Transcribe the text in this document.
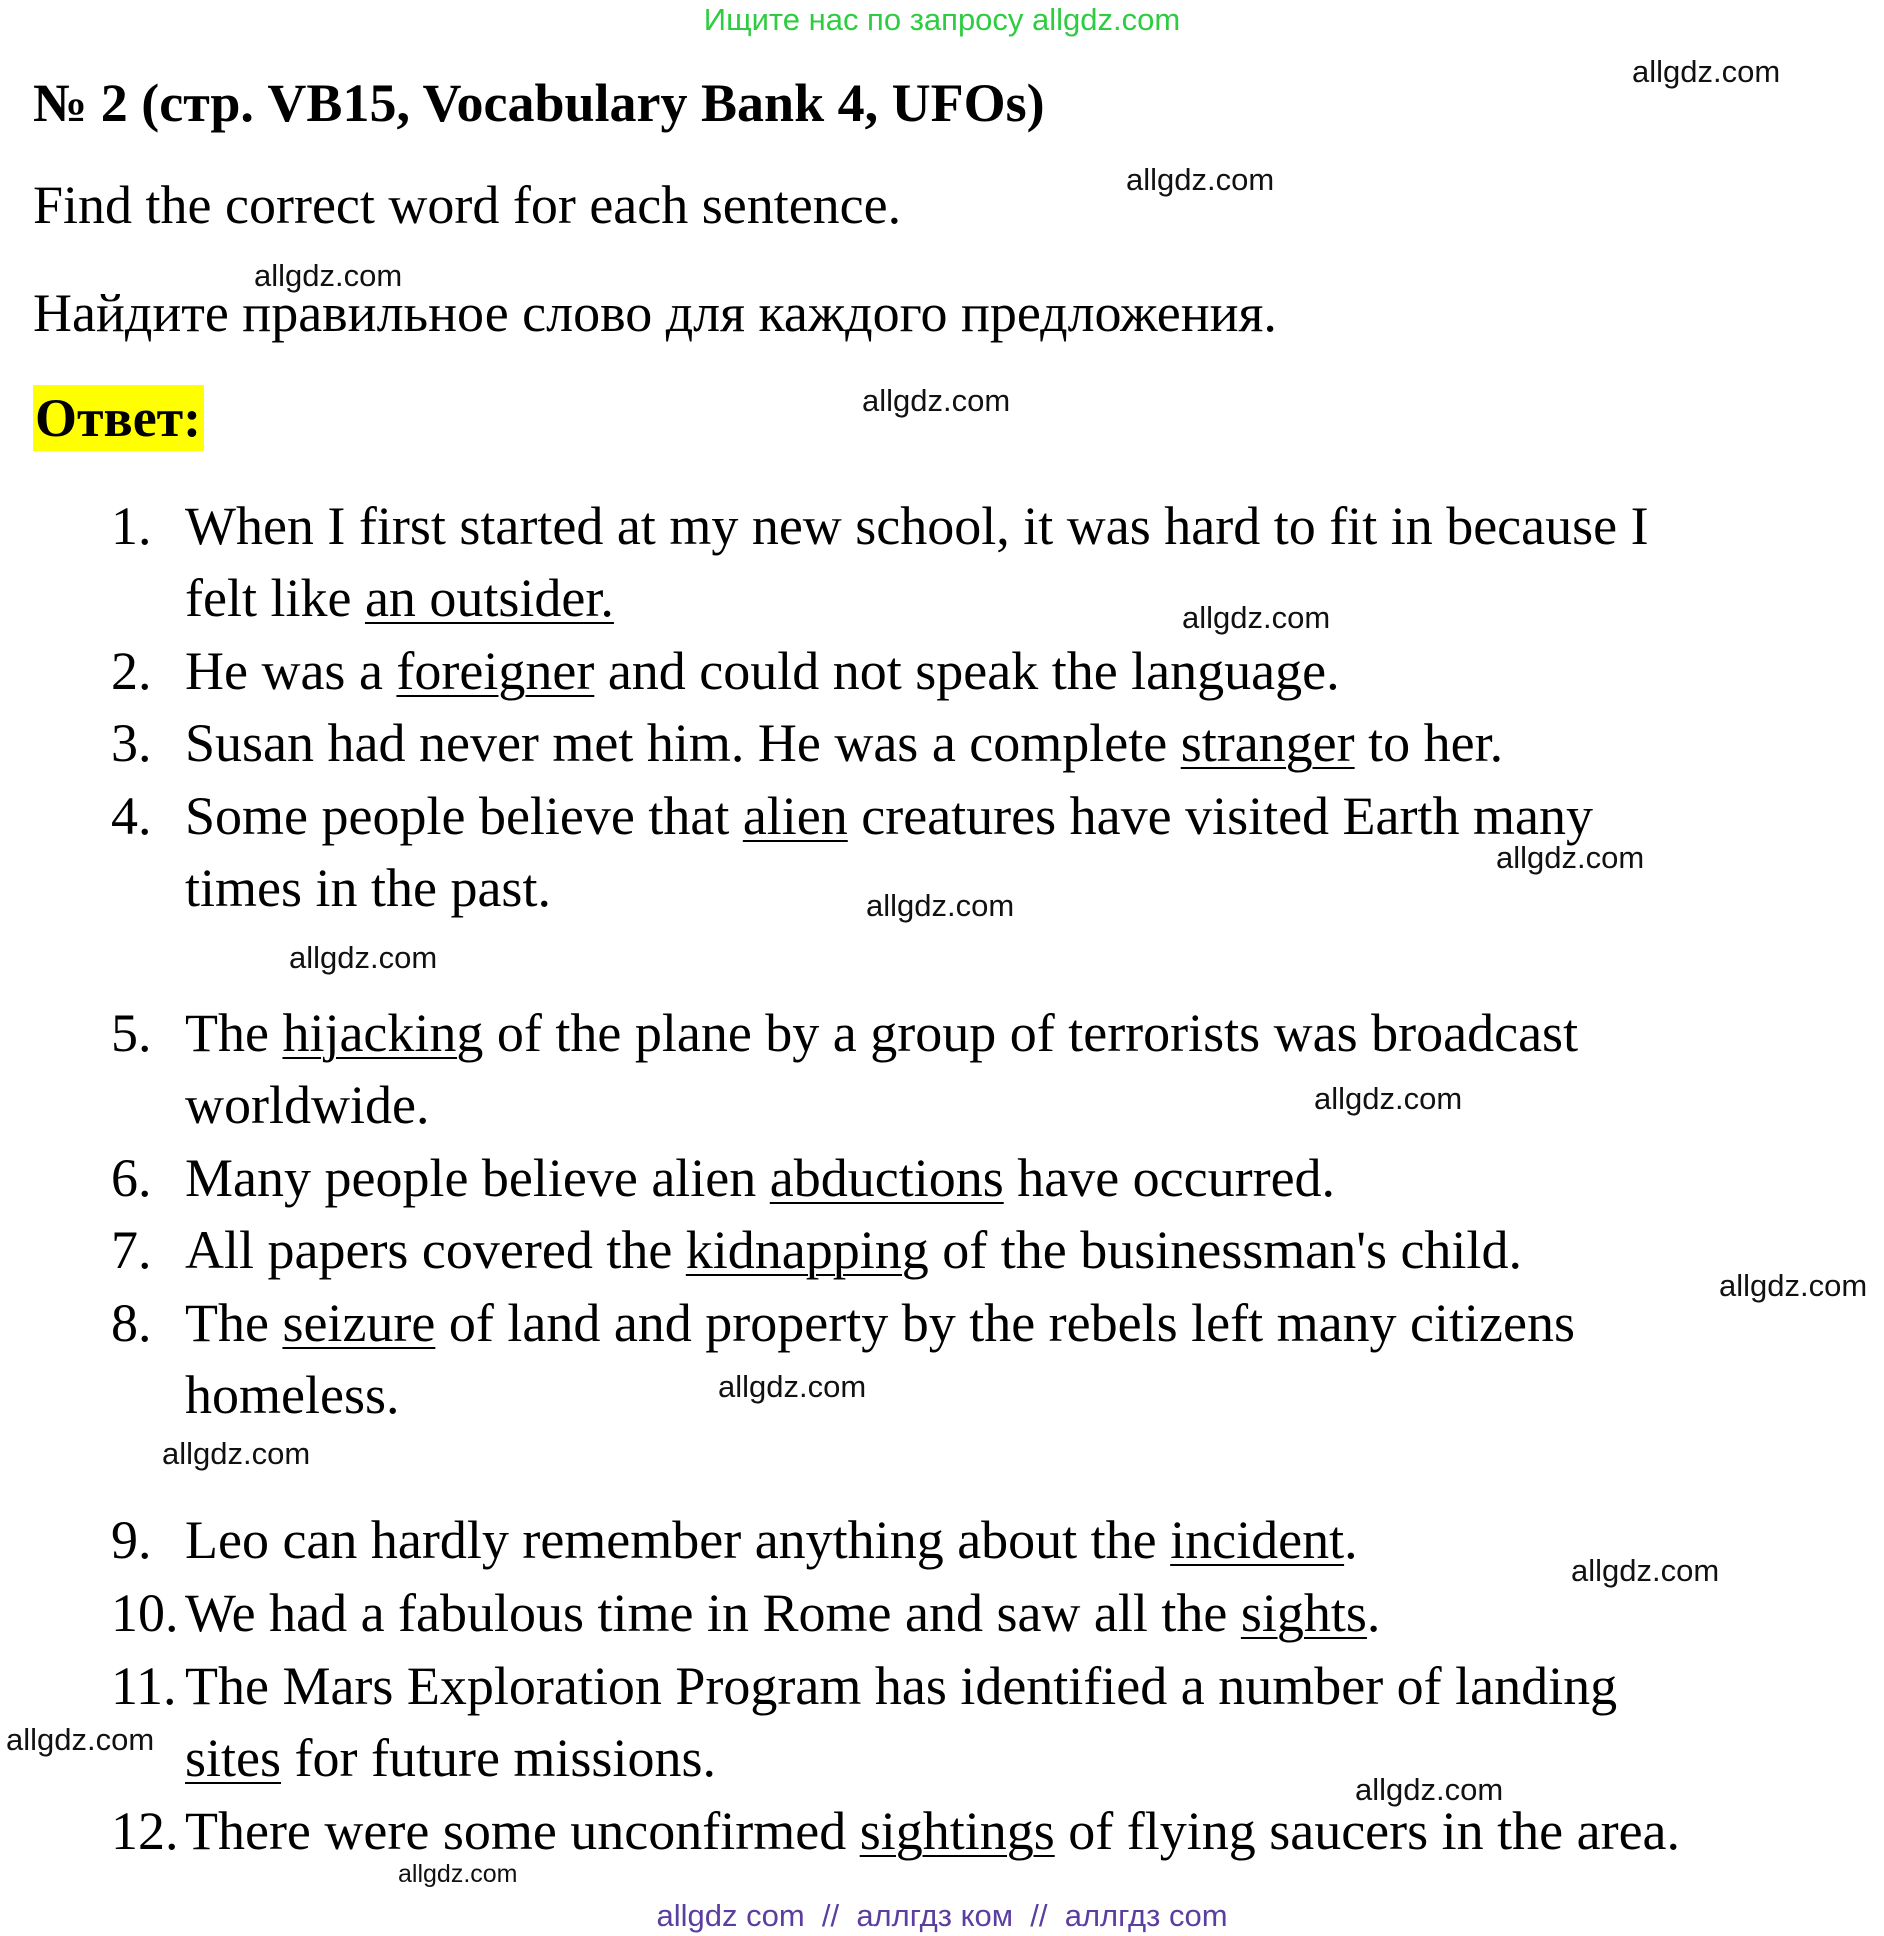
Ищите нас по запросу allgdz.com
№ 2 (стр. VB15, Vocabulary Bank 4, UFOs)
Find the correct word for each sentence.
Найдите правильное слово для каждого предложения.
Ответ:
1. When I first started at my new school, it was hard to fit in because I
felt like an outsider.
2. He was a foreigner and could not speak the language.
3. Susan had never met him. He was a complete stranger to her.
4. Some people believe that alien creatures have visited Earth many
times in the past.
5. The hijacking of the plane by a group of terrorists was broadcast
worldwide.
6. Many people believe alien abductions have occurred.
7. All papers covered the kidnapping of the businessman's child.
8. The seizure of land and property by the rebels left many citizens
homeless.
9. Leo can hardly remember anything about the incident.
10. We had a fabulous time in Rome and saw all the sights.
11. The Mars Exploration Program has identified a number of landing
sites for future missions.
12. There were some unconfirmed sightings of flying saucers in the area.
allgdz.com
allgdz.com
allgdz.com
allgdz.com
allgdz.com
allgdz.com
allgdz.com
allgdz.com
allgdz.com
allgdz.com
allgdz.com
allgdz.com
allgdz.com
allgdz.com
allgdz.com
allgdz.com
allgdz com  //  аллгдз ком  //  аллгдз com
